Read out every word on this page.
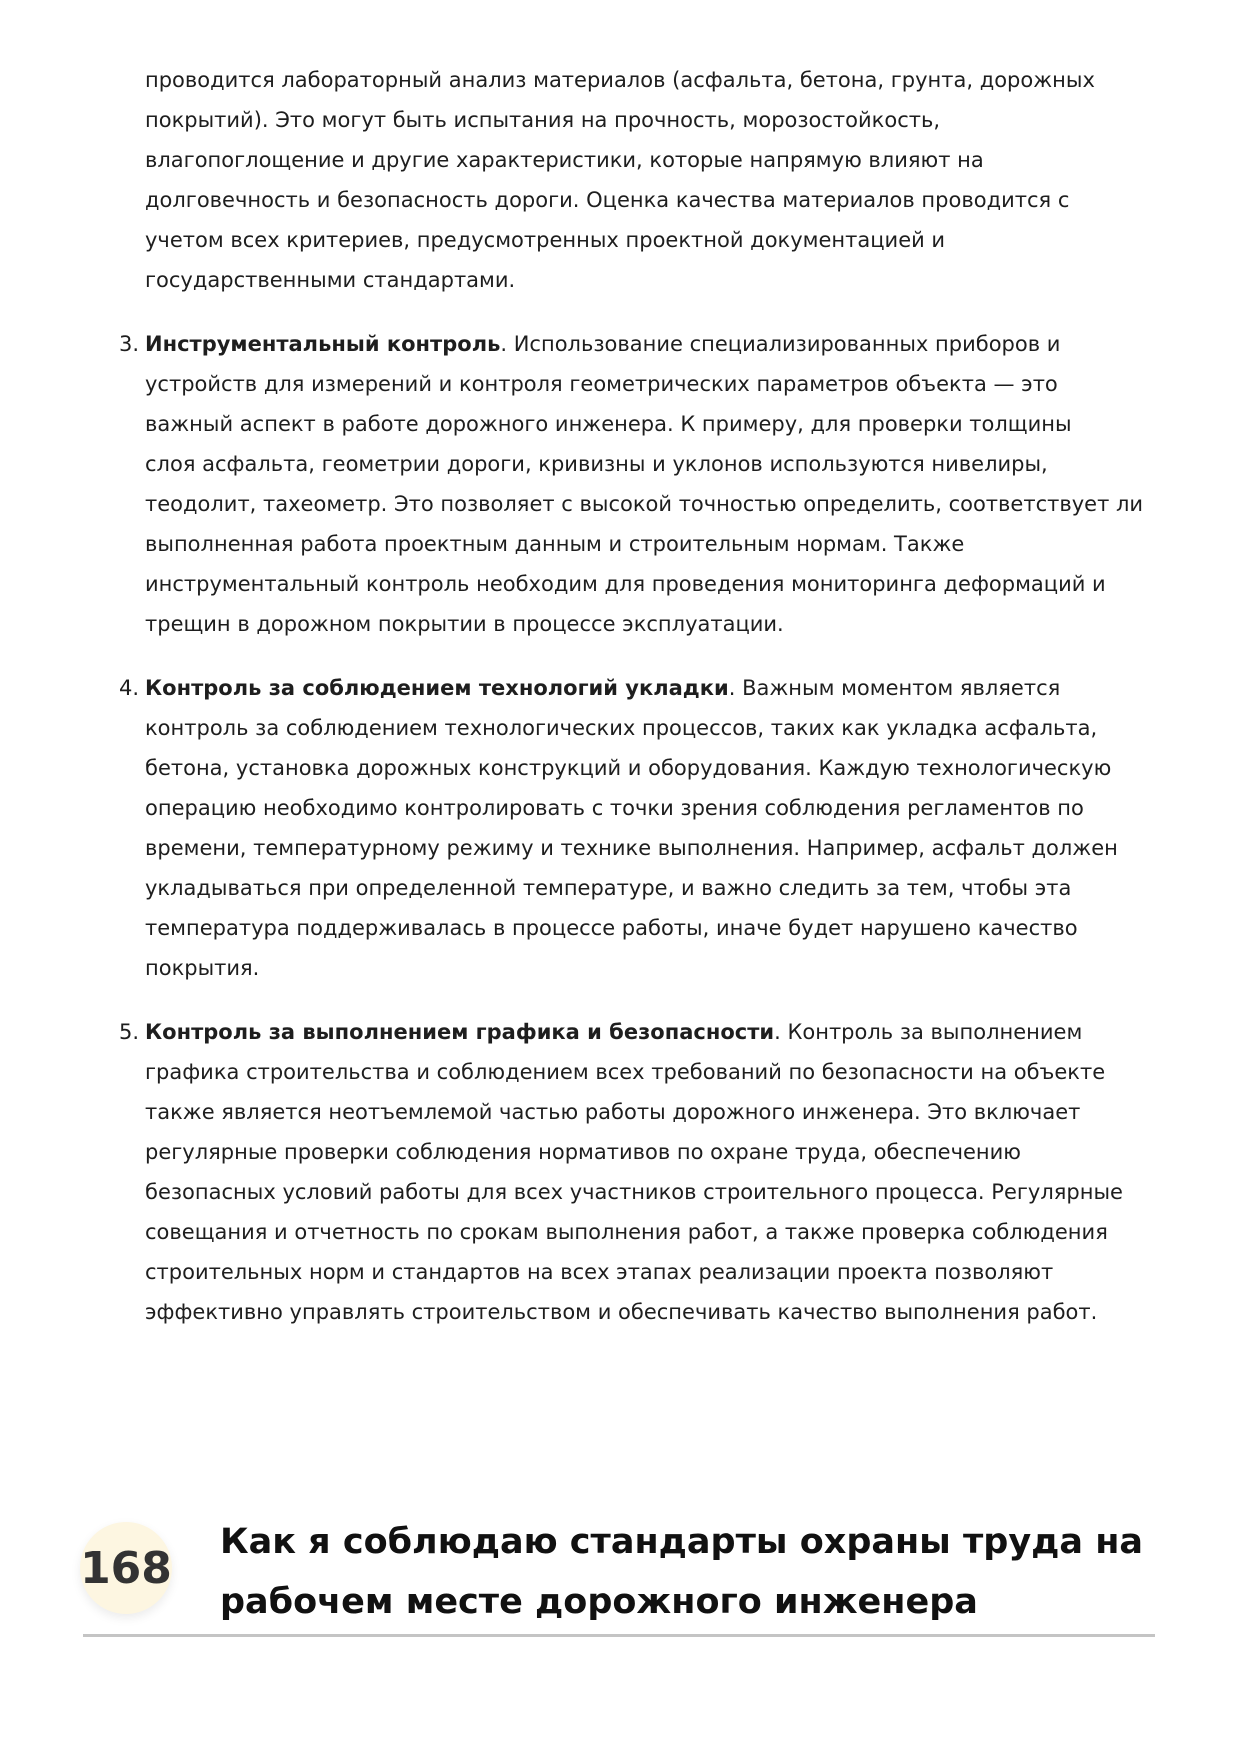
проводится лабораторный анализ материалов (асфальта, бетона, грунта, дорожных
покрытий). Это могут быть испытания на прочность, морозостойкость,
влагопоглощение и другие характеристики, которые напрямую влияют на
долговечность и безопасность дороги. Оценка качества материалов проводится с
учетом всех критериев, предусмотренных проектной документацией и
государственными стандартами.
3. Инструментальный контроль. Использование специализированных приборов и
устройств для измерений и контроля геометрических параметров объекта — это
важный аспект в работе дорожного инженера. К примеру, для проверки толщины
слоя асфальта, геометрии дороги, кривизны и уклонов используются нивелиры,
теодолит, тахеометр. Это позволяет с высокой точностью определить, соответствует ли
выполненная работа проектным данным и строительным нормам. Также
инструментальный контроль необходим для проведения мониторинга деформаций и
трещин в дорожном покрытии в процессе эксплуатации.
4. Контроль за соблюдением технологий укладки. Важным моментом является
контроль за соблюдением технологических процессов, таких как укладка асфальта,
бетона, установка дорожных конструкций и оборудования. Каждую технологическую
операцию необходимо контролировать с точки зрения соблюдения регламентов по
времени, температурному режиму и технике выполнения. Например, асфальт должен
укладываться при определенной температуре, и важно следить за тем, чтобы эта
температура поддерживалась в процессе работы, иначе будет нарушено качество
покрытия.
5. Контроль за выполнением графика и безопасности. Контроль за выполнением
графика строительства и соблюдением всех требований по безопасности на объекте
также является неотъемлемой частью работы дорожного инженера. Это включает
регулярные проверки соблюдения нормативов по охране труда, обеспечению
безопасных условий работы для всех участников строительного процесса. Регулярные
совещания и отчетность по срокам выполнения работ, а также проверка соблюдения
строительных норм и стандартов на всех этапах реализации проекта позволяют
эффективно управлять строительством и обеспечивать качество выполнения работ.
168
Как я соблюдаю стандарты охраны труда на
рабочем месте дорожного инженера
